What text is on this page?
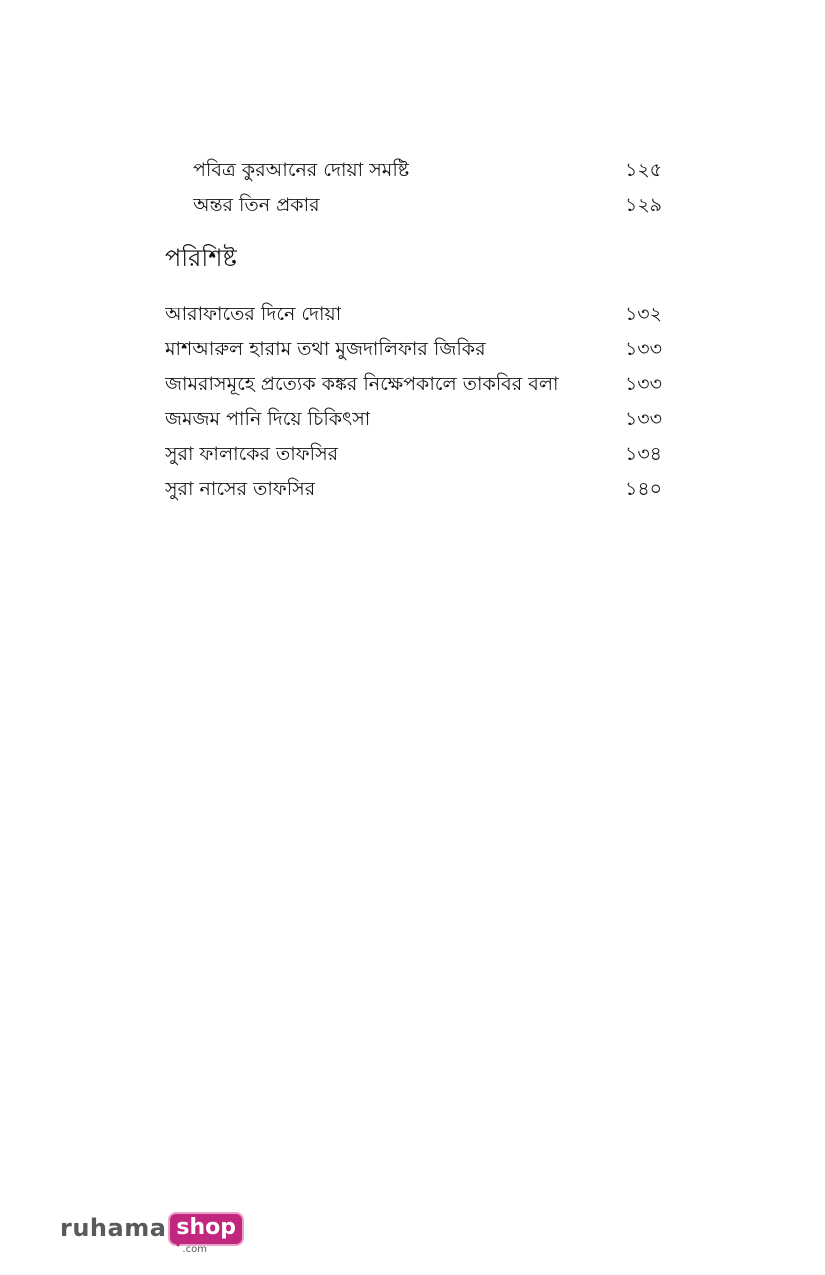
পবিত্র কুরআনের দোয়া সমষ্টি	১২৫
অন্তর তিন প্রকার	১২৯
পরিশিষ্ট
আরাফাতের দিনে দোয়া	১৩২
মাশআরুল হারাম তথা মুজদালিফার জিকির	১৩৩
জামরাসমূহে প্রত্যেক কঙ্কর নিক্ষেপকালে তাকবির বলা	১৩৩
জমজম পানি দিয়ে চিকিৎসা	১৩৩
সুরা ফালাকের তাফসির	১৩৪
সুরা নাসের তাফসির	১৪০
ruhama shop
.com
